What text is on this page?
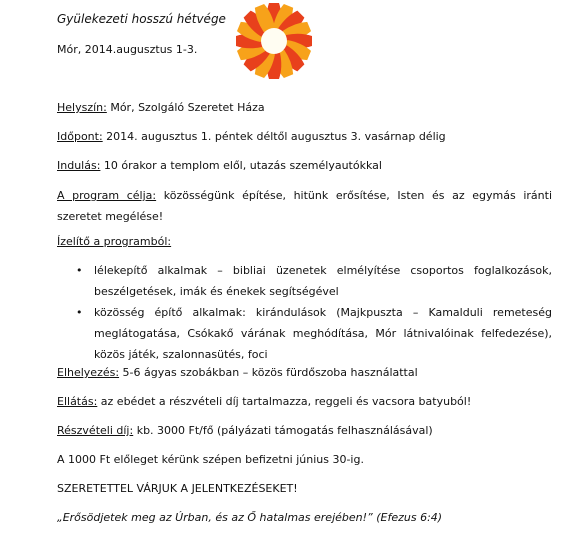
Gyülekezeti hosszú hétvége
Mór, 2014.augusztus 1-3.
Helyszín: Mór, Szolgáló Szeretet Háza
Időpont: 2014. augusztus 1. péntek déltől augusztus 3. vasárnap délig
Indulás: 10 órakor a templom elől, utazás személyautókkal
A program célja: közösségünk építése, hitünk erősítése, Isten és az egymás iránti szeretet megélése!
Ízelítő a programból:
• lélekepítő alkalmak – bibliai üzenetek elmélyítése csoportos foglalkozások, beszélgetések, imák és énekek segítségével
• közösség építő alkalmak: kirándulások (Majkpuszta – Kamalduli remeteség meglátogatása, Csókakő várának meghódítása, Mór látnivalóinak felfedezése), közös játék, szalonnasütés, foci
Elhelyezés: 5-6 ágyas szobákban – közös fürdőszoba használattal
Ellátás: az ebédet a részvételi díj tartalmazza, reggeli és vacsora batyuból!
Részvételi díj: kb. 3000 Ft/fő (pályázati támogatás felhasználásával)
A 1000 Ft előleget kérünk szépen befizetni június 30-ig.
SZERETETTEL VÁRJUK A JELENTKEZÉSEKET!
„Erősödjetek meg az Úrban, és az Ő hatalmas erejében!” (Efezus 6:4)
